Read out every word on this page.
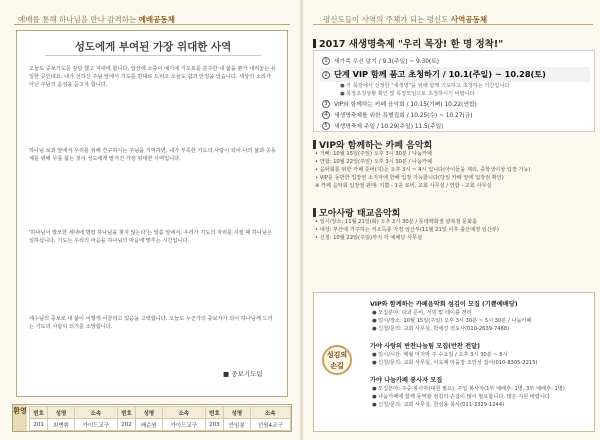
예배를 통해 하나님을 만나 감격하는 예배공동체
성도에게 부여된 가장 위대한 사역
오늘도 중보기도를 감당 했고 지내에 합니다. 알상에 소중이 예기에 기도로를 분주한 내 삶을 뭔가 내려놓는 유일한 곳인데요. 내가 선하신 주님 앞에서 기도를 반대로 드리고 오늘도 쉼과 안정을 얻습니다. 세상의 소리가 아닌 주님의 음성을 듣고자 합니다.
하나님 보좌 앞에서 우리를 위해 간구하시는 주님을 기억하면, 내가 부족한 기도의 사람이 되어 나의 삶과 공동체를 위해 무릎 꿇는 것이 성도에게 맡겨진 가장 위대한 사역입니다.
'하나님이 발모한 세대에 명령 하나님을 찾지 않는다'는 말씀 앞에서, 우리가 기도의 자리를 지킬 때 하나님은 일하십니다. 기도는 우리의 마음을 하나님의 마음에 맞추는 시간입니다.
에수님의 중보로 내 삶이 이렇게 이끌리고 있음을 고백합니다. 오늘도 누군가의 중보자가 되어 하나님께 드리는 기도의 사람이 되기를 소망합니다.
■ 중보기도팀
환영 번호	성명	소속	번호	성명	소속	번호	성명	소속
201	최병휘	가이드교구	202	배순원	가이드교구	203	안임봉	선원4교구
평신도들이 사역의 주체가 되는 평신도 사역공동체
2017 새생명축제 "우리 목장! 한 명 정착!"
1	새가족 우선 알기 / 9.3(주일) ~ 9.30(토)
2 단계 VIP 함께 품고 초청하기 / 10.1(주일) ~ 10.28(토)
● 각 목장에서 선정한 "새생명"을 위해 함께 기도하고 초청하는 기간입니다
● 목장초청상황 확인 및 목장모임으로 초청하시기 바랍니다
3	VIP와 함께하는 카페 음악회 / 10.15(기뻐) 10.22(연합)
4	새생명축제를 위한 특별집회 / 10.25(수) ~ 10.27(금)
5	새생명축제 주일 / 10.29(주일) 11.5(주일)
VIP와 함께하는 카페 음악회
• 기뻐: 10월 15일(주일) 오후 3시 30분 / 나눔카페
• 연합: 10월 22일(주일) 오후 3시 30분 / 나눔카페
• 음악회를 위한 카페 준비(지)는 오후 3시 ~ 4시 입니다(아이들을 제외, 중학생이상 입장 가능)
• VIP를 동반한 입장권 소지자에 한해 입장 가능합니다(당일 카페 앞에 입장권 확인)
※ 카페 음악회 입장권 판매: 기쁨 - 1층 로비, 교회 사무실 / 연합 - 교회 사무실
모아사랑 태교음악회
• 일시/장소: 11월 21일(화) 오후 2시 30분 / 롯데백화점 광복점 문화홀
• 대상: 부산에 거주하는 저소득층 가정 임산부(11월 21일 이후 출산예정 임산부)
• 신청: 10월 22일(주일)까지 각 예배당 사무실
성김의
손길
VIP와 함께하는 카페음악회 섬김이 모집 (기쁨예배당)
● 모집분야: 다과 준비, 서빙 및 테이블 정리
● 일시/장소: 10월 15일(주일) 오후 3시 30분 ~ 5시 30분 / 나눔카페
● 신청/문의: 교회 사무실, 박세진 전도사(010-2639-7468)
가야 사랑의 반찬나눔팀 모집(반찬 전달)
● 일시/시간: 매월 마지막 주 수요일 / 오후 3시 30분 ~ 5시
● 신청/문의: 교회 사무실, 이옥재 마을장 조만성 집사(010-8305-2215)
가야 나눔카페 봉사자 모집
● 모집분야: 주중 봉사자(대원 필요), 주일 봉사자(1부 예배후: 1명, 3부 예배후: 1명)
● 나눔카페에 함께 동역할 섬김의 손길이 많이 필요합니다. 많은 지원 바랍니다
● 신청/문의: 교회 사무실, 한성용 목사(011-3329-1244)
